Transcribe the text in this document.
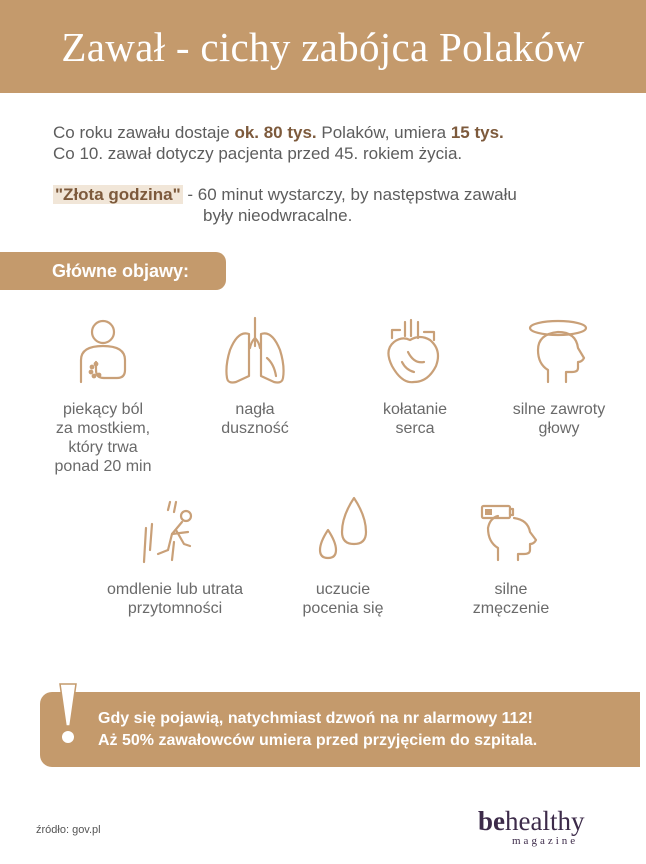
Zawał - cichy zabójca Polaków
Co roku zawału dostaje ok. 80 tys. Polaków, umiera 15 tys.
Co 10. zawał dotyczy pacjenta przed 45. rokiem życia.
"Złota godzina" - 60 minut wystarczy, by następstwa zawału
były nieodwracalne.
Główne objawy:
piekący ból
za mostkiem,
który trwa
ponad 20 min
nagła
duszność
kołatanie
serca
silne zawroty
głowy
omdlenie lub utrata
przytomności
uczucie
pocenia się
silne
zmęczenie
Gdy się pojawią, natychmiast dzwoń na nr alarmowy 112!
Aż 50% zawałowców umiera przed przyjęciem do szpitala.
źródło: gov.pl	behealthy
magazine
